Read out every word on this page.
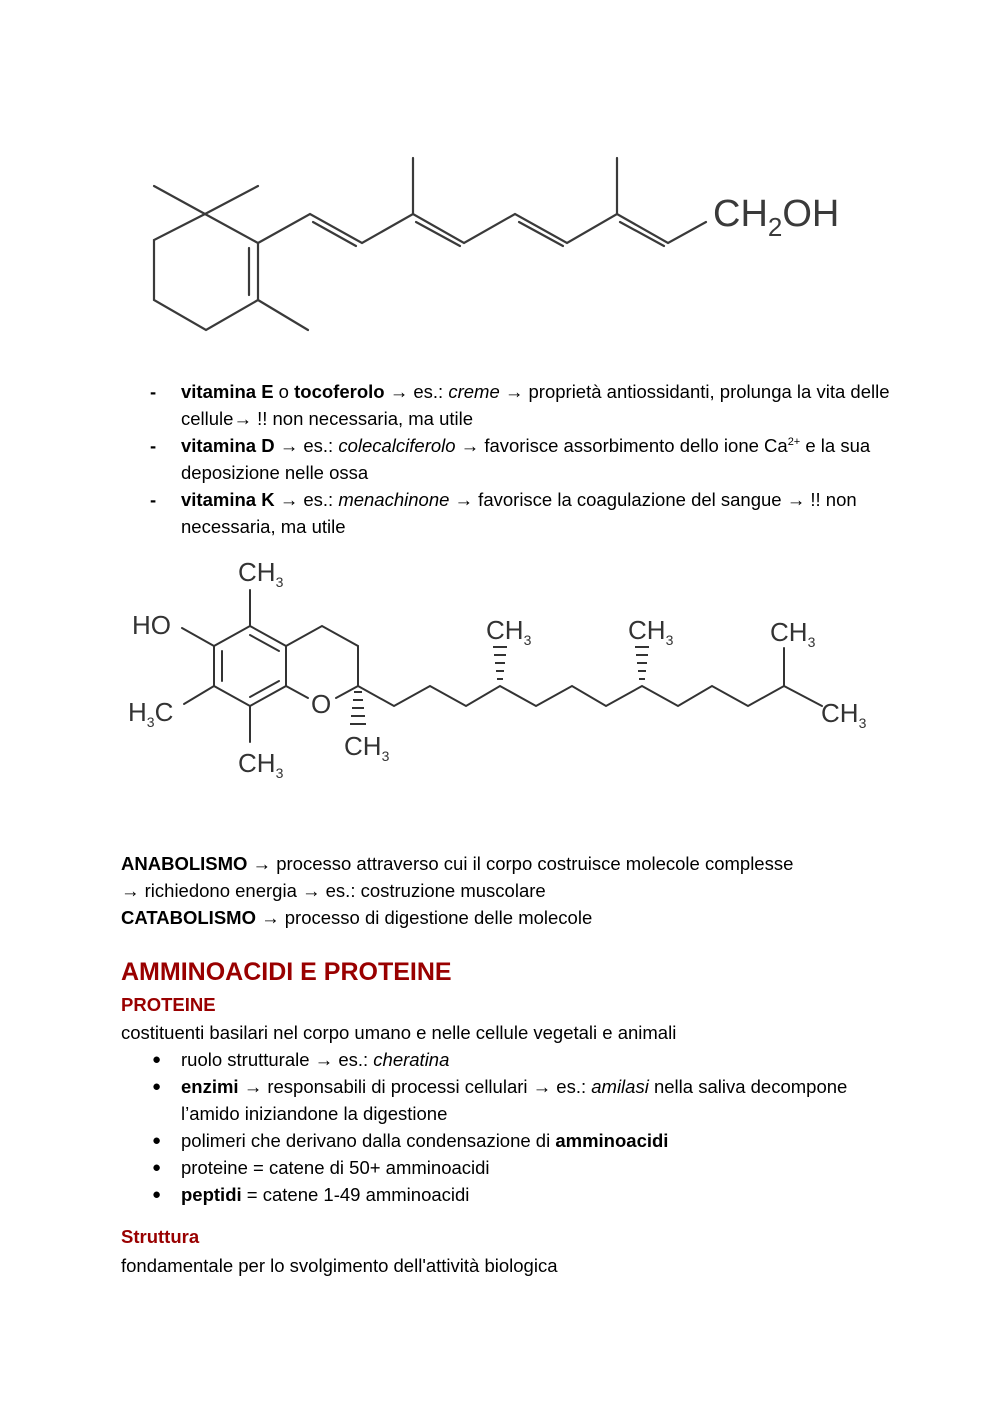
$CH_2OH$
- vitamina E o tocoferolo → es.: creme → proprietà antiossidanti, prolunga la vita delle cellule→ !! non necessaria, ma utile
- vitamina D → es.: colecalciferolo → favorisce assorbimento dello ione $Ca^{2+}$ e la sua deposizione nelle ossa
- vitamina K → es.: menachinone → favorisce la coagulazione del sangue → !! non necessaria, ma utile
HO
O
$CH_3$
$H_3C$
$CH_3$
$CH_3$
$CH_3$	$CH_3$	$CH_3$
$CH_3$
ANABOLISMO → processo attraverso cui il corpo costruisce molecole complesse
→ richiedono energia → es.: costruzione muscolare
CATABOLISMO → processo di digestione delle molecole
AMMINOACIDI E PROTEINE
PROTEINE
costituenti basilari nel corpo umano e nelle cellule vegetali e animali
● ruolo strutturale → es.: cheratina
● enzimi → responsabili di processi cellulari → es.: amilasi nella saliva decompone l’amido iniziandone la digestione
● polimeri che derivano dalla condensazione di amminoacidi
● proteine = catene di 50+ amminoacidi
● peptidi = catene 1-49 amminoacidi
Struttura
fondamentale per lo svolgimento dell'attività biologica
